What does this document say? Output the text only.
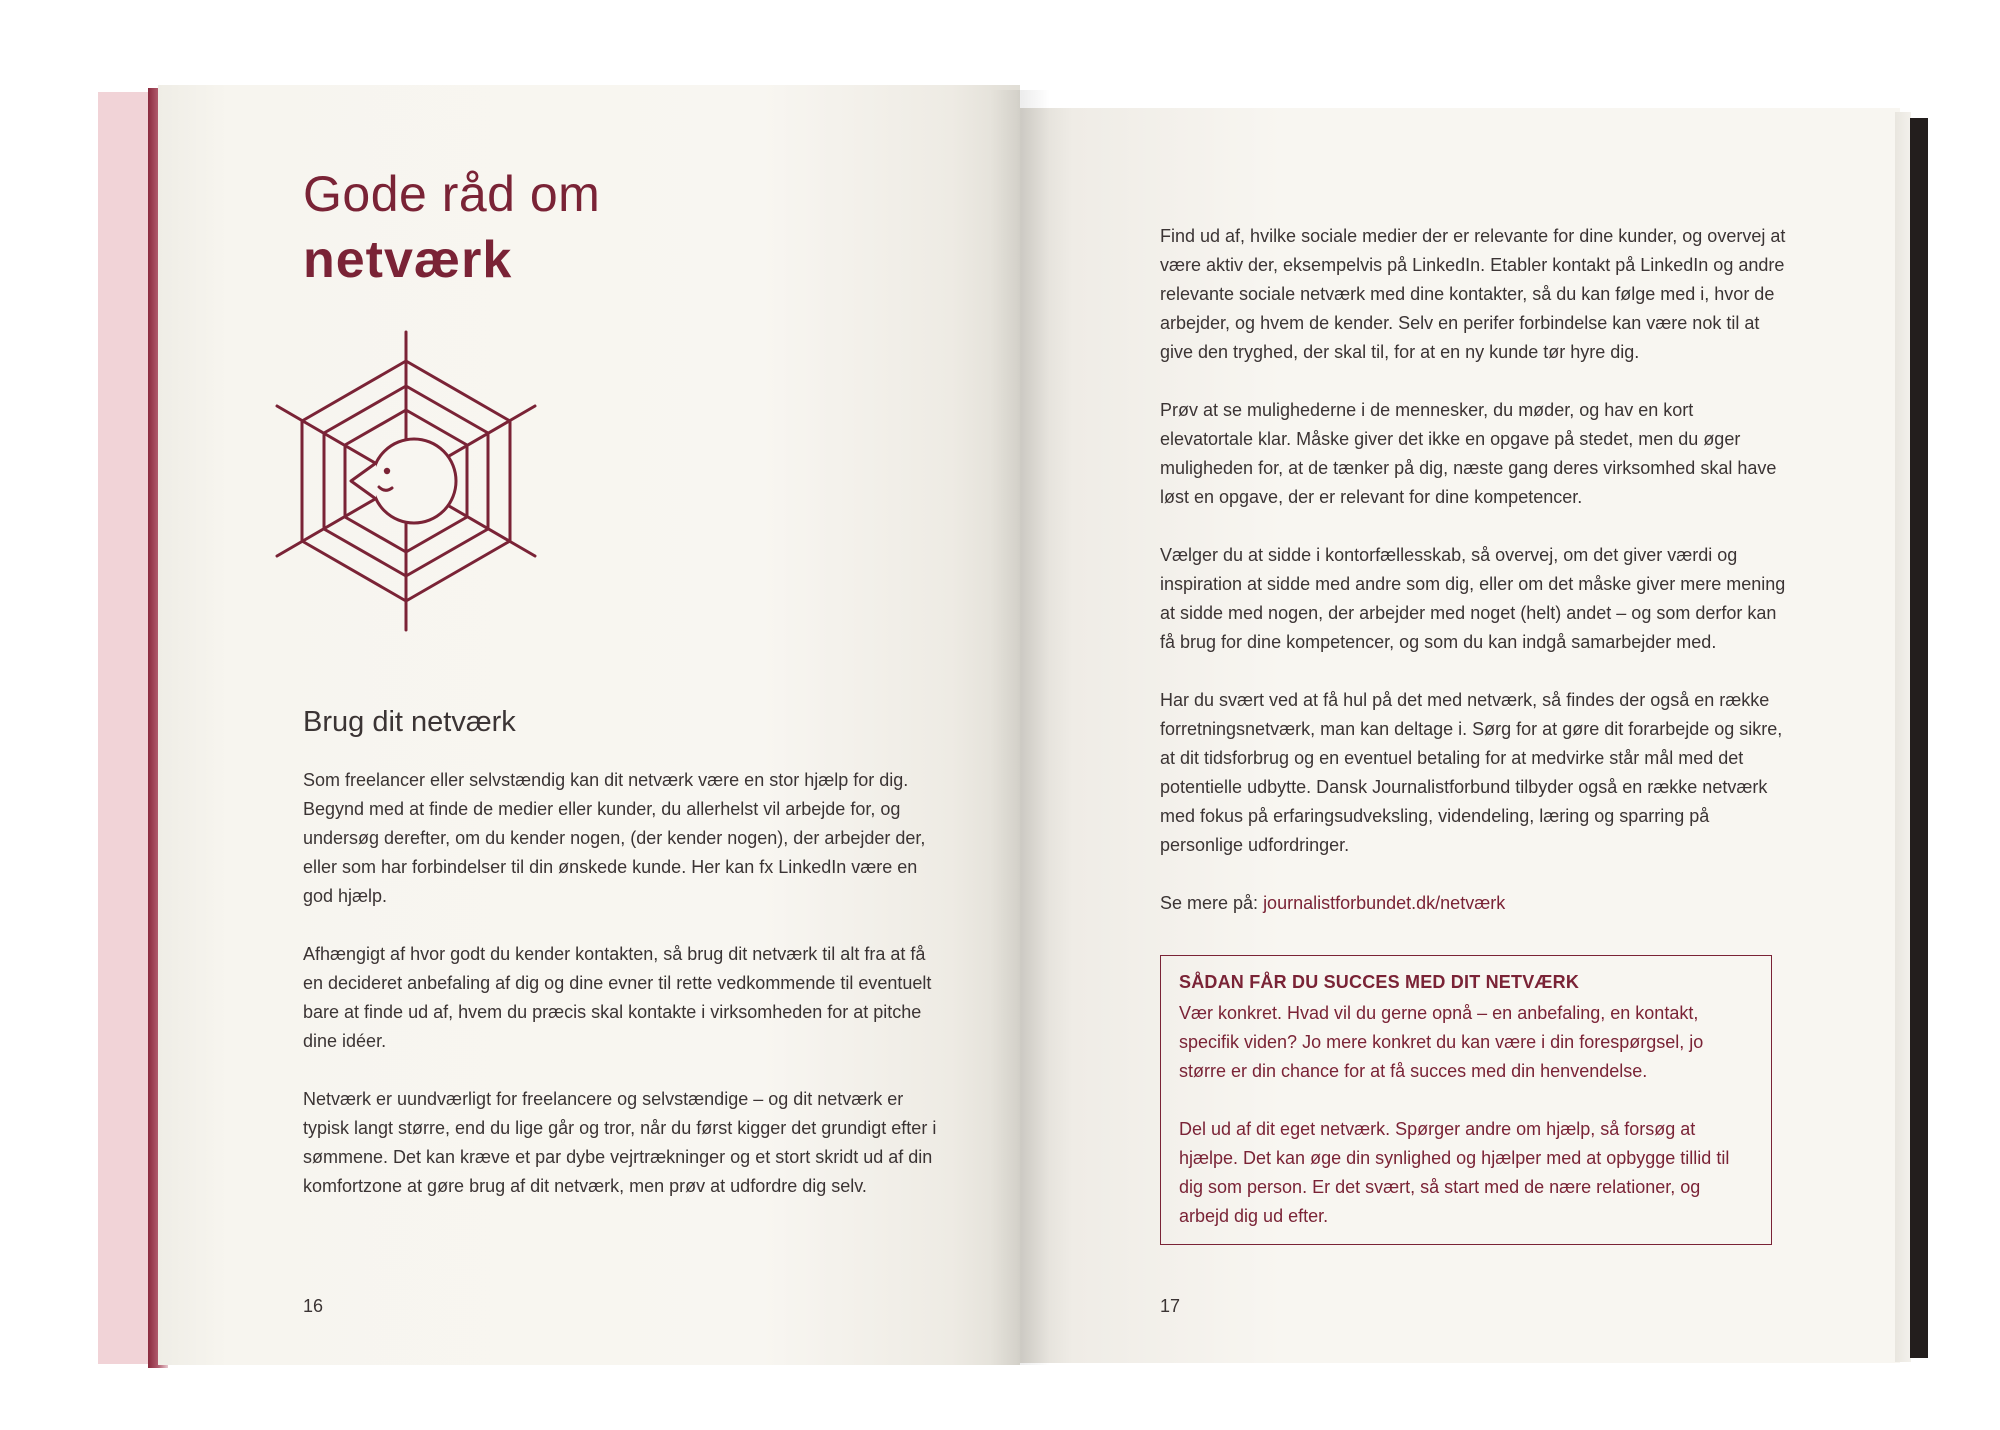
Gode råd om
netværk
Brug dit netværk

Som freelancer eller selvstændig kan dit netværk være en stor hjælp for dig. Begynd med at finde de medier eller kunder, du allerhelst vil arbejde for, og undersøg derefter, om du kender nogen, (der kender nogen), der arbejder der, eller som har forbindelser til din ønskede kunde. Her kan fx LinkedIn være en god hjælp.

Afhængigt af hvor godt du kender kontakten, så brug dit netværk til alt fra at få en decideret anbefaling af dig og dine evner til rette vedkommende til eventuelt bare at finde ud af, hvem du præcis skal kontakte i virksomheden for at pitche dine idéer.

Netværk er uundværligt for freelancere og selvstændige – og dit netværk er typisk langt større, end du lige går og tror, når du først kigger det grundigt efter i sømmene. Det kan kræve et par dybe vejrtrækninger og et stort skridt ud af din komfortzone at gøre brug af dit netværk, men prøv at udfordre dig selv.

16

Find ud af, hvilke sociale medier der er relevante for dine kunder, og overvej at være aktiv der, eksempelvis på LinkedIn. Etabler kontakt på LinkedIn og andre relevante sociale netværk med dine kontakter, så du kan følge med i, hvor de arbejder, og hvem de kender. Selv en perifer forbindelse kan være nok til at give den tryghed, der skal til, for at en ny kunde tør hyre dig.

Prøv at se mulighederne i de mennesker, du møder, og hav en kort elevatortale klar. Måske giver det ikke en opgave på stedet, men du øger muligheden for, at de tænker på dig, næste gang deres virksomhed skal have løst en opgave, der er relevant for dine kompetencer.

Vælger du at sidde i kontorfællesskab, så overvej, om det giver værdi og inspiration at sidde med andre som dig, eller om det måske giver mere mening at sidde med nogen, der arbejder med noget (helt) andet – og som derfor kan få brug for dine kompetencer, og som du kan indgå samarbejder med.

Har du svært ved at få hul på det med netværk, så findes der også en række forretningsnetværk, man kan deltage i. Sørg for at gøre dit forarbejde og sikre, at dit tidsforbrug og en eventuel betaling for at medvirke står mål med det potentielle udbytte. Dansk Journalistforbund tilbyder også en række netværk med fokus på erfaringsudveksling, videndeling, læring og sparring på personlige udfordringer.

Se mere på: journalistforbundet.dk/netværk

SÅDAN FÅR DU SUCCES MED DIT NETVÆRK

Vær konkret. Hvad vil du gerne opnå – en anbefaling, en kontakt, specifik viden? Jo mere konkret du kan være i din forespørgsel, jo større er din chance for at få succes med din henvendelse.

Del ud af dit eget netværk. Spørger andre om hjælp, så forsøg at hjælpe. Det kan øge din synlighed og hjælper med at opbygge tillid til dig som person. Er det svært, så start med de nære relationer, og arbejd dig ud efter.

17
